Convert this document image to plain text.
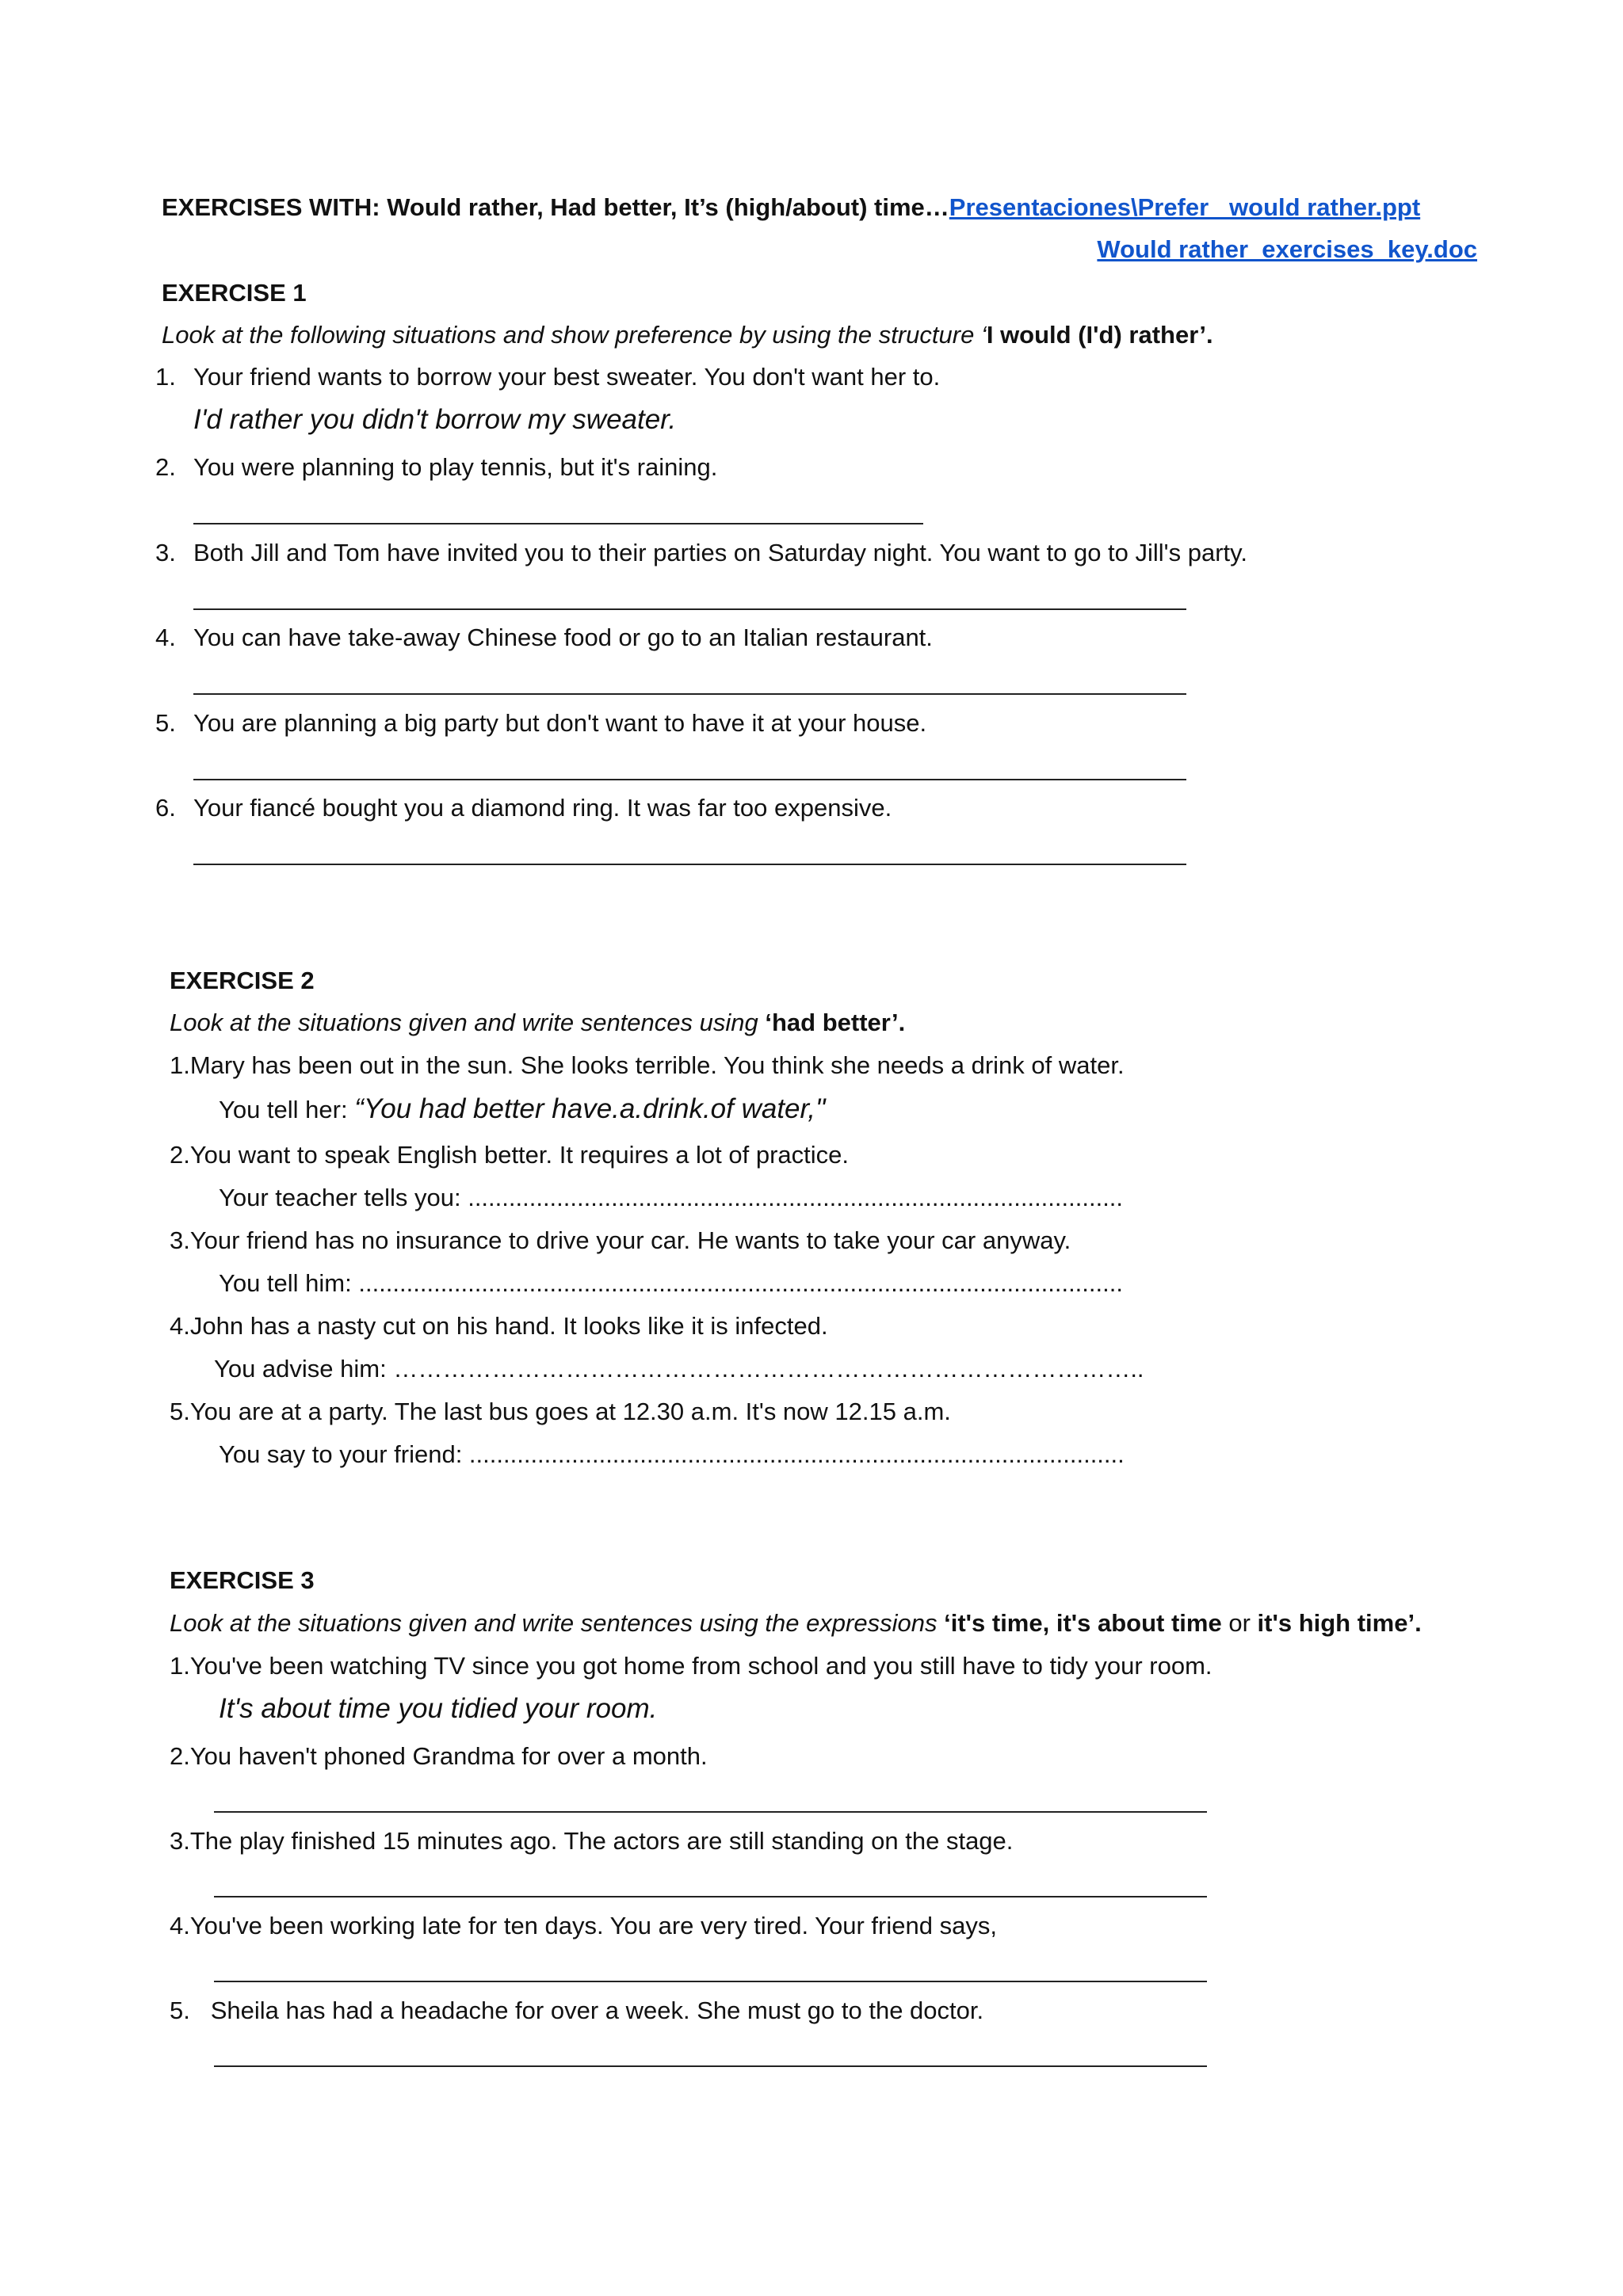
EXERCISES WITH: Would rather, Had better, It’s (high/about) time…Presentaciones\Prefer _would rather.ppt
Would rather_exercises_key.doc
EXERCISE 1
Look at the following situations and show preference by using the structure ‘I would (I'd) rather’.
1. Your friend wants to borrow your best sweater. You don't want her to.
I'd rather you didn't borrow my sweater.
2. You were planning to play tennis, but it's raining.
3. Both Jill and Tom have invited you to their parties on Saturday night. You want to go to Jill's party.
4. You can have take-away Chinese food or go to an Italian restaurant.
5. You are planning a big party but don't want to have it at your house.
6. Your fiancé bought you a diamond ring. It was far too expensive.
EXERCISE 2
Look at the situations given and write sentences using ‘had better’.
1.Mary has been out in the sun. She looks terrible. You think she needs a drink of water.
You tell her: “You had better have.a.drink.of water,"
2.You want to speak English better. It requires a lot of practice.
Your teacher tells you: ................................................................................................
3.Your friend has no insurance to drive your car. He wants to take your car anyway.
You tell him: ................................................................................................................
4.John has a nasty cut on his hand. It looks like it is infected.
You advise him: ………………………………………………………………………………..
5.You are at a party. The last bus goes at 12.30 a.m. It's now 12.15 a.m.
You say to your friend: ................................................................................................
EXERCISE 3
Look at the situations given and write sentences using the expressions ‘it's time, it's about time or it's high time’.
1.You've been watching TV since you got home from school and you still have to tidy your room.
It's about time you tidied your room.
2.You haven't phoned Grandma for over a month.
3.The play finished 15 minutes ago. The actors are still standing on the stage.
4.You've been working late for ten days. You are very tired. Your friend says,
5.   Sheila has had a headache for over a week. She must go to the doctor.
